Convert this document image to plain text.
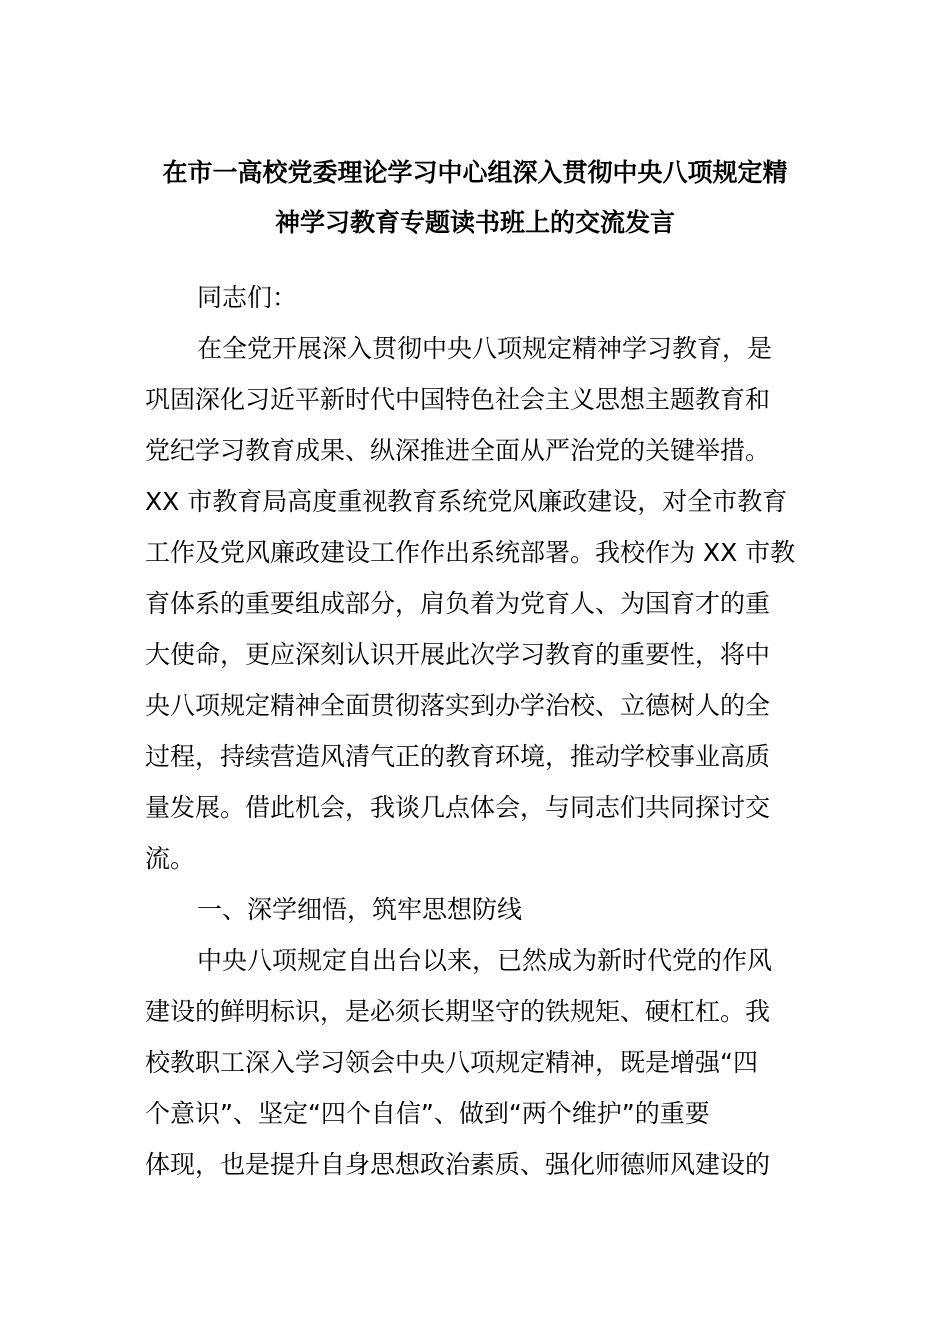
在市一高校党委理论学习中心组深入贯彻中央八项规定精
神学习教育专题读书班上的交流发言
同志们：
在全党开展深入贯彻中央八项规定精神学习教育，是
巩固深化习近平新时代中国特色社会主义思想主题教育和
党纪学习教育成果、纵深推进全面从严治党的关键举措。
XX 市教育局高度重视教育系统党风廉政建设，对全市教育
工作及党风廉政建设工作作出系统部署。我校作为 XX 市教
育体系的重要组成部分，肩负着为党育人、为国育才的重
大使命，更应深刻认识开展此次学习教育的重要性，将中
央八项规定精神全面贯彻落实到办学治校、立德树人的全
过程，持续营造风清气正的教育环境，推动学校事业高质
量发展。借此机会，我谈几点体会，与同志们共同探讨交
流。
一、深学细悟，筑牢思想防线
中央八项规定自出台以来，已然成为新时代党的作风
建设的鲜明标识，是必须长期坚守的铁规矩、硬杠杠。我
校教职工深入学习领会中央八项规定精神，既是增强“四
个意识”、坚定“四个自信”、做到“两个维护”的重要
体现，也是提升自身思想政治素质、强化师德师风建设的
